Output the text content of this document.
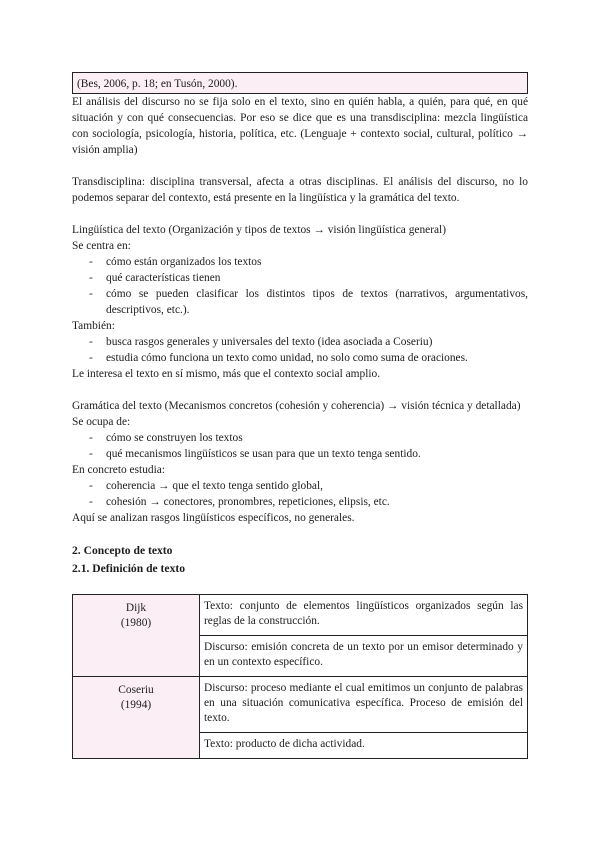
(Bes, 2006, p. 18; en Tusón, 2000).

El análisis del discurso no se fija solo en el texto, sino en quién habla, a quién, para qué, en qué situación y con qué consecuencias. Por eso se dice que es una transdisciplina: mezcla lingüística con sociología, psicología, historia, política, etc. (Lenguaje + contexto social, cultural, político → visión amplia)

Transdisciplina: disciplina transversal, afecta a otras disciplinas. El análisis del discurso, no lo podemos separar del contexto, está presente en la lingüística y la gramática del texto.

Lingüística del texto (Organización y tipos de textos → visión lingüística general)

Se centra en:

- cómo están organizados los textos
- qué características tienen
- cómo se pueden clasificar los distintos tipos de textos (narrativos, argumentativos, descriptivos, etc.).

También:

- busca rasgos generales y universales del texto (idea asociada a Coseriu)
- estudia cómo funciona un texto como unidad, no solo como suma de oraciones.

Le interesa el texto en sí mismo, más que el contexto social amplio.

Gramática del texto (Mecanismos concretos (cohesión y coherencia) → visión técnica y detallada)

Se ocupa de:

- cómo se construyen los textos
- qué mecanismos lingüísticos se usan para que un texto tenga sentido.

En concreto estudia:

- coherencia → que el texto tenga sentido global,
- cohesión → conectores, pronombres, repeticiones, elipsis, etc.

Aquí se analizan rasgos lingüísticos específicos, no generales.

2. Concepto de texto
2.1. Definición de texto
Dijk
(1980)	Texto: conjunto de elementos lingüísticos organizados según las reglas de la construcción.
	Discurso: emisión concreta de un texto por un emisor determinado y en un contexto específico.

Coseriu
(1994)	Discurso: proceso mediante el cual emitimos un conjunto de palabras en una situación comunicativa específica. Proceso de emisión del texto.
	Texto: producto de dicha actividad.
